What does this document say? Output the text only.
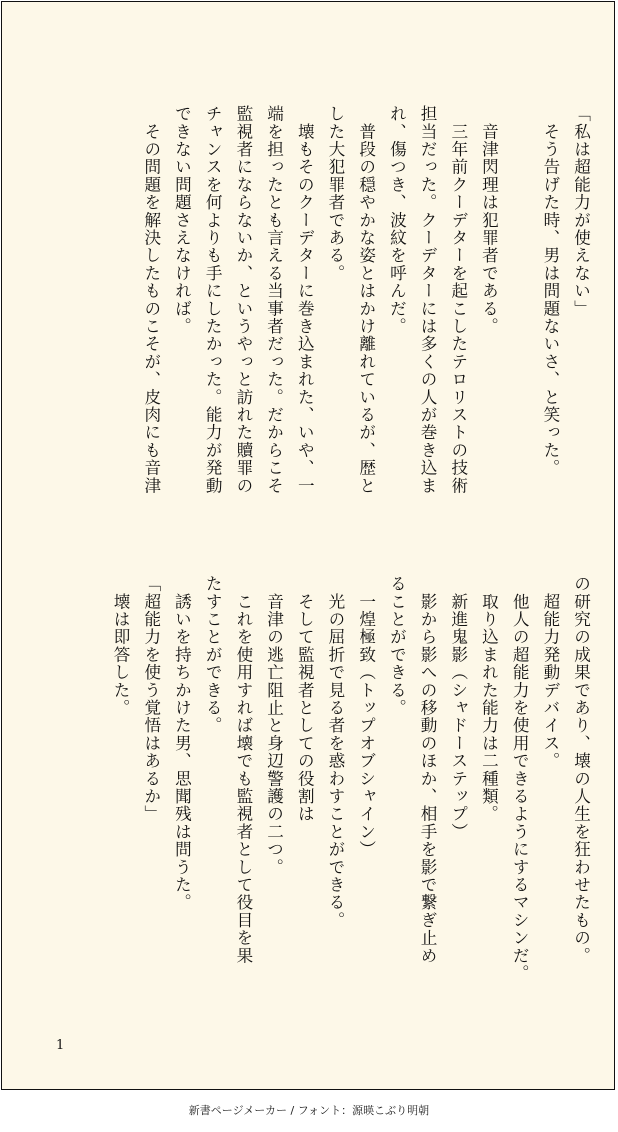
「私は超能力が使えない」
　そう告げた時、男は問題ないさ、と笑った。
　音津閃理は犯罪者である。
　三年前クーデターを起こしたテロリストの技術
担当だった。クーデターには多くの人が巻き込ま
れ、傷つき、波紋を呼んだ。
　普段の穏やかな姿とはかけ離れているが、歴と
した大犯罪者である。
　壊もそのクーデターに巻き込まれた、いや、一
端を担ったとも言える当事者だった。だからこそ
監視者にならないか、というやっと訪れた贖罪の
チャンスを何よりも手にしたかった。能力が発動
できない問題さえなければ。
　その問題を解決したものこそが、皮肉にも音津
の研究の成果であり、壊の人生を狂わせたもの。
　超能力発動デバイス。
　他人の超能力を使用できるようにするマシンだ。
　取り込まれた能力は二種類。
　新進鬼影（シャドーステップ）
　影から影への移動のほか、相手を影で繋ぎ止め
ることができる。
　一煌極致（トップオブシャイン）
　光の屈折で見る者を惑わすことができる。
　そして監視者としての役割は
　音津の逃亡阻止と身辺警護の二つ。
　これを使用すれば壊でも監視者として役目を果
たすことができる。
　誘いを持ちかけた男、思聞残は問うた。
「超能力を使う覚悟はあるか」
　壊は即答した。
1
新書ページメーカー / フォント：源暎こぶり明朝
